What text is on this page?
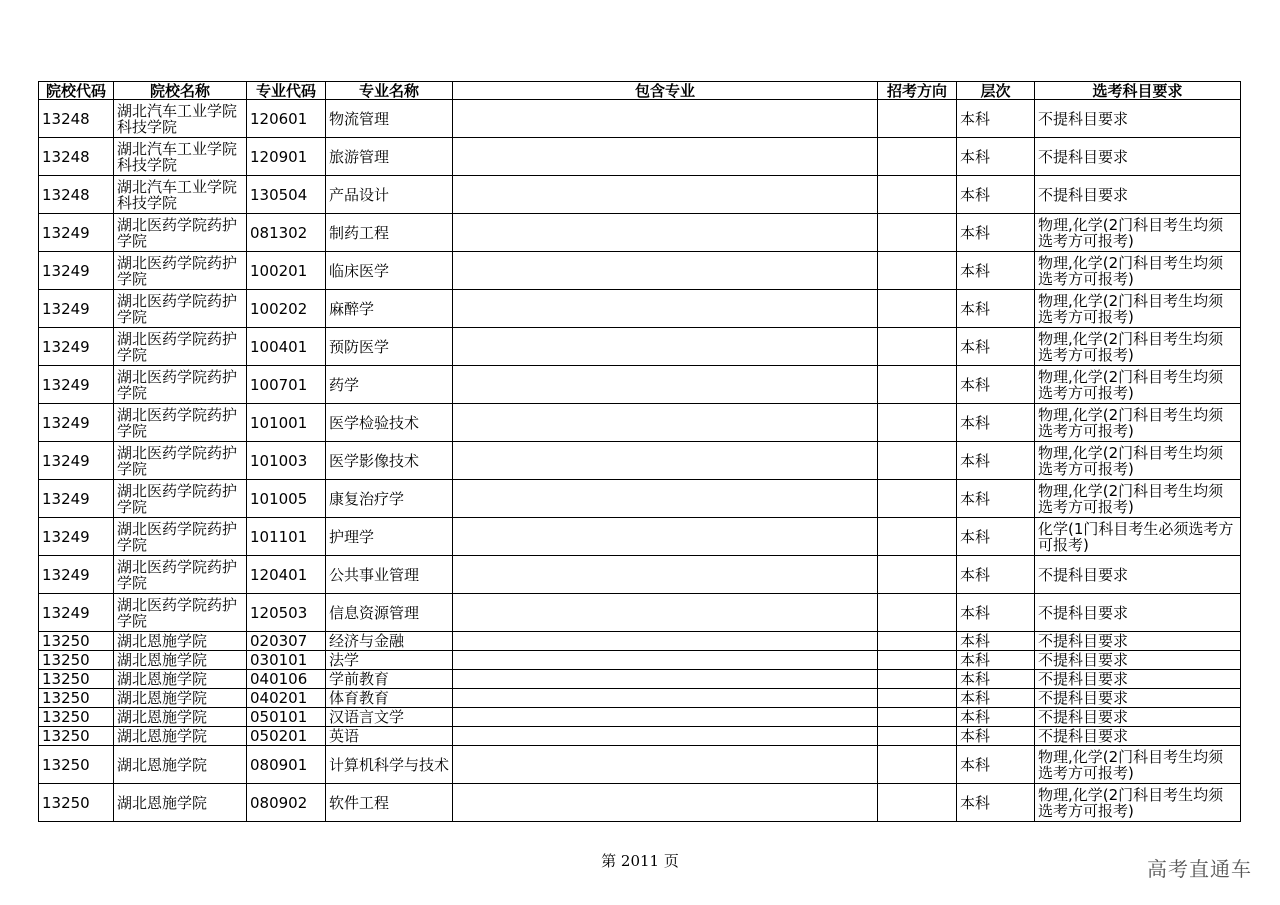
院校代码	院校名称	专业代码	专业名称	包含专业	招考方向	层次	选考科目要求
13248	湖北汽车工业学院科技学院	120601	物流管理			本科	不提科目要求
13248	湖北汽车工业学院科技学院	120901	旅游管理			本科	不提科目要求
13248	湖北汽车工业学院科技学院	130504	产品设计			本科	不提科目要求
13249	湖北医药学院药护学院	081302	制药工程			本科	物理,化学(2门科目考生均须选考方可报考)
13249	湖北医药学院药护学院	100201	临床医学			本科	物理,化学(2门科目考生均须选考方可报考)
13249	湖北医药学院药护学院	100202	麻醉学			本科	物理,化学(2门科目考生均须选考方可报考)
13249	湖北医药学院药护学院	100401	预防医学			本科	物理,化学(2门科目考生均须选考方可报考)
13249	湖北医药学院药护学院	100701	药学			本科	物理,化学(2门科目考生均须选考方可报考)
13249	湖北医药学院药护学院	101001	医学检验技术			本科	物理,化学(2门科目考生均须选考方可报考)
13249	湖北医药学院药护学院	101003	医学影像技术			本科	物理,化学(2门科目考生均须选考方可报考)
13249	湖北医药学院药护学院	101005	康复治疗学			本科	物理,化学(2门科目考生均须选考方可报考)
13249	湖北医药学院药护学院	101101	护理学			本科	化学(1门科目考生必须选考方可报考)
13249	湖北医药学院药护学院	120401	公共事业管理			本科	不提科目要求
13249	湖北医药学院药护学院	120503	信息资源管理			本科	不提科目要求
13250	湖北恩施学院	020307	经济与金融			本科	不提科目要求
13250	湖北恩施学院	030101	法学			本科	不提科目要求
13250	湖北恩施学院	040106	学前教育			本科	不提科目要求
13250	湖北恩施学院	040201	体育教育			本科	不提科目要求
13250	湖北恩施学院	050101	汉语言文学			本科	不提科目要求
13250	湖北恩施学院	050201	英语			本科	不提科目要求
13250	湖北恩施学院	080901	计算机科学与技术			本科	物理,化学(2门科目考生均须选考方可报考)
13250	湖北恩施学院	080902	软件工程			本科	物理,化学(2门科目考生均须选考方可报考)
第 2011 页	高考直通车
